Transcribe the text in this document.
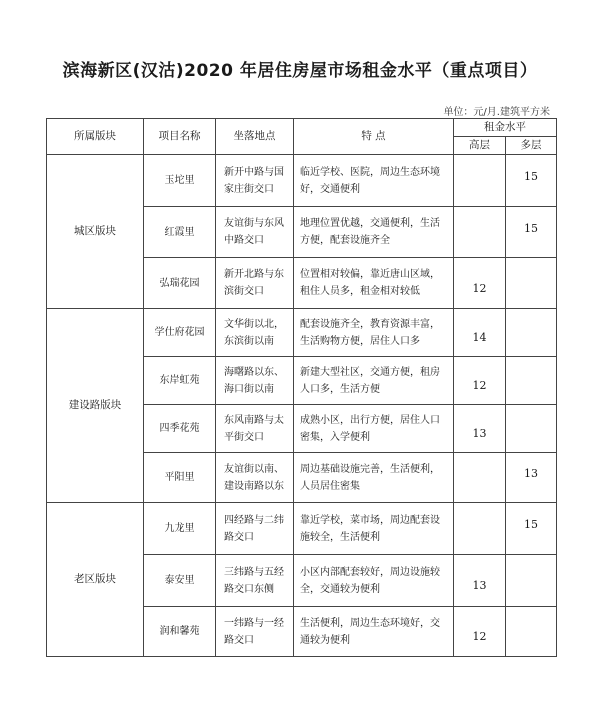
滨海新区(汉沽)2020 年居住房屋市场租金水平（重点项目）
单位：元/月.建筑平方米
所属版块	项目名称	坐落地点	特 点	租金水平	
				高层	多层
城区版块	玉坨里	新开中路与国家庄街交口	临近学校、医院，周边生态环境好，交通便利		15
	红霞里	友谊街与东风中路交口	地理位置优越，交通便利，生活方便，配套设施齐全		15
	弘瑞花园	新开北路与东滨街交口	位置相对较偏，靠近唐山区域，租住人员多，租金相对较低	12	
建设路版块	学仕府花园	文华街以北，东滨街以南	配套设施齐全，教育资源丰富，生活购物方便，居住人口多	14	
	东岸虹苑	海曙路以东、海口街以南	新建大型社区，交通方便，租房人口多，生活方便	12	
	四季花苑	东风南路与太平街交口	成熟小区，出行方便，居住人口密集，入学便利	13	
	平阳里	友谊街以南、建设南路以东	周边基础设施完善，生活便利，人员居住密集		13
老区版块	九龙里	四经路与二纬路交口	靠近学校，菜市场，周边配套设施较全，生活便利		15
	泰安里	三纬路与五经路交口东侧	小区内部配套较好，周边设施较全，交通较为便利	13	
	润和馨苑	一纬路与一经路交口	生活便利，周边生态环境好，交通较为便利	12	
